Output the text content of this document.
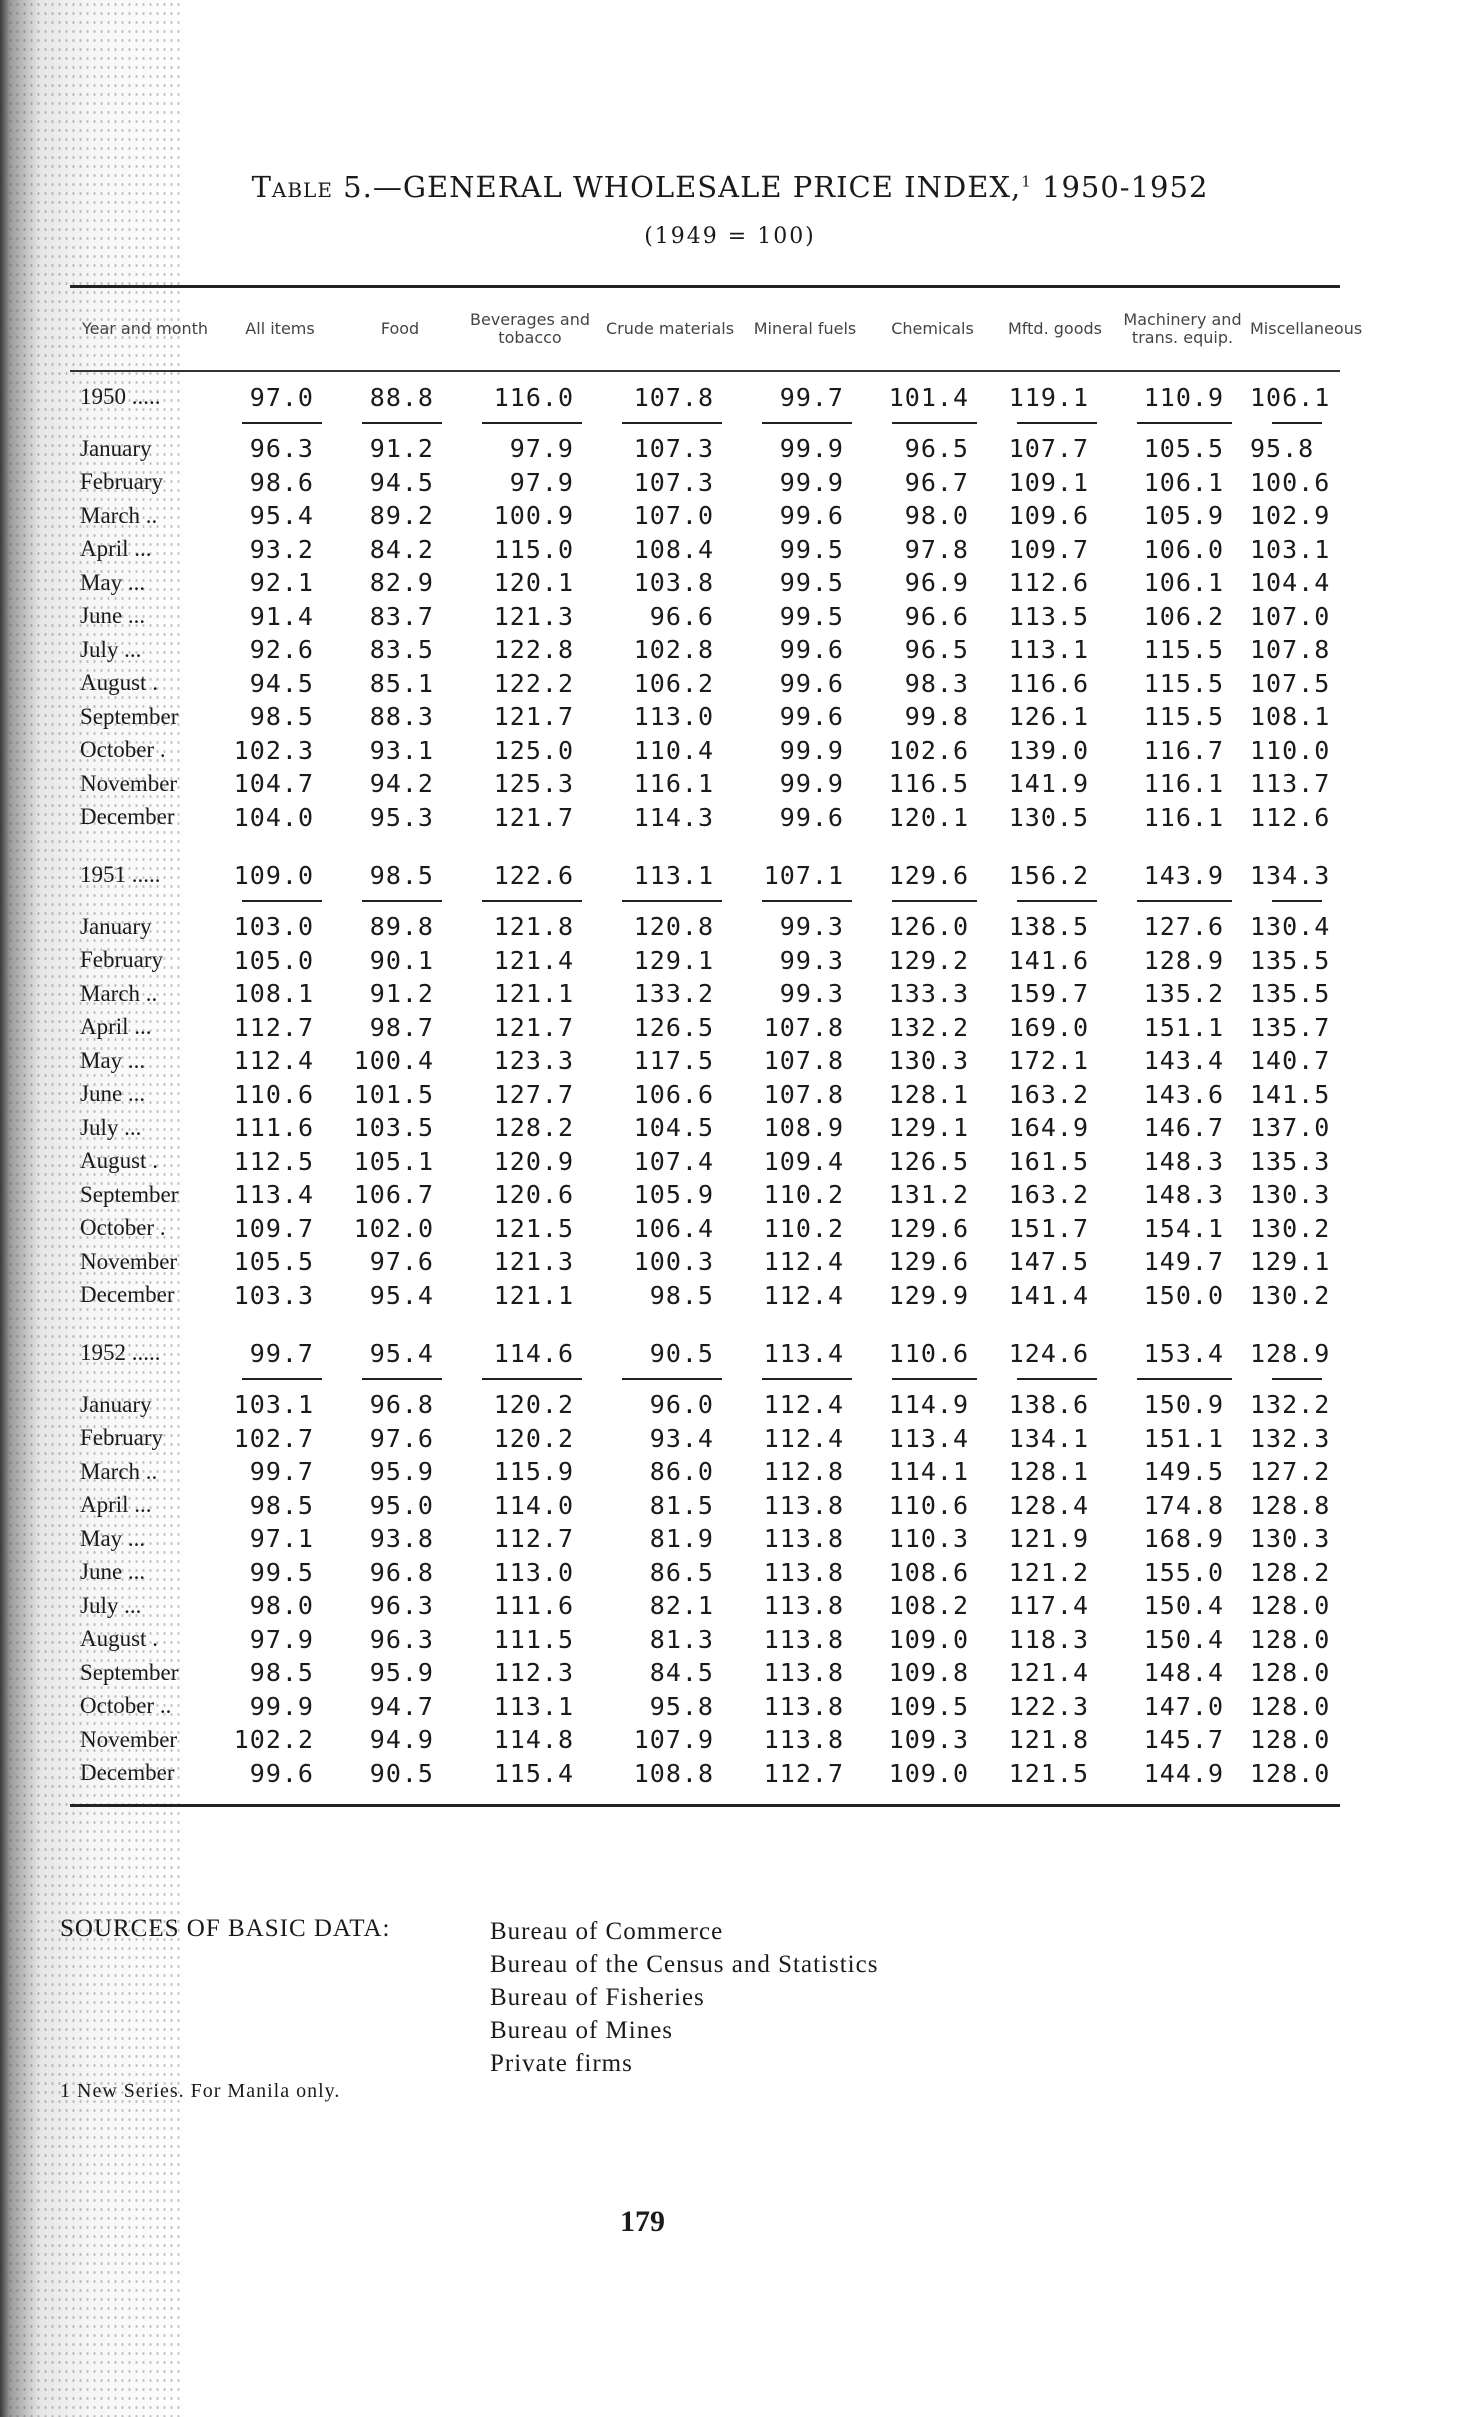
Table 5.—GENERAL WHOLESALE PRICE INDEX,$^1$ 1950-1952
(1949 = 100)
Year and month	All items	Food	Beverages and tobacco	Crude materials	Mineral fuels	Chemicals	Mftd. goods	Machinery and trans. equip.	Miscellaneous
1950 .....	97.0	88.8	116.0	107.8	99.7	101.4	119.1	110.9	106.1
January	96.3	91.2	97.9	107.3	99.9	96.5	107.7	105.5	95.8
February	98.6	94.5	97.9	107.3	99.9	96.7	109.1	106.1	100.6
March ..	95.4	89.2	100.9	107.0	99.6	98.0	109.6	105.9	102.9
April ...	93.2	84.2	115.0	108.4	99.5	97.8	109.7	106.0	103.1
May ...	92.1	82.9	120.1	103.8	99.5	96.9	112.6	106.1	104.4
June ...	91.4	83.7	121.3	96.6	99.5	96.6	113.5	106.2	107.0
July ...	92.6	83.5	122.8	102.8	99.6	96.5	113.1	115.5	107.8
August .	94.5	85.1	122.2	106.2	99.6	98.3	116.6	115.5	107.5
September	98.5	88.3	121.7	113.0	99.6	99.8	126.1	115.5	108.1
October .	102.3	93.1	125.0	110.4	99.9	102.6	139.0	116.7	110.0
November	104.7	94.2	125.3	116.1	99.9	116.5	141.9	116.1	113.7
December	104.0	95.3	121.7	114.3	99.6	120.1	130.5	116.1	112.6
1951 .....	109.0	98.5	122.6	113.1	107.1	129.6	156.2	143.9	134.3
January	103.0	89.8	121.8	120.8	99.3	126.0	138.5	127.6	130.4
February	105.0	90.1	121.4	129.1	99.3	129.2	141.6	128.9	135.5
March ..	108.1	91.2	121.1	133.2	99.3	133.3	159.7	135.2	135.5
April ...	112.7	98.7	121.7	126.5	107.8	132.2	169.0	151.1	135.7
May ...	112.4	100.4	123.3	117.5	107.8	130.3	172.1	143.4	140.7
June ...	110.6	101.5	127.7	106.6	107.8	128.1	163.2	143.6	141.5
July ...	111.6	103.5	128.2	104.5	108.9	129.1	164.9	146.7	137.0
August .	112.5	105.1	120.9	107.4	109.4	126.5	161.5	148.3	135.3
September	113.4	106.7	120.6	105.9	110.2	131.2	163.2	148.3	130.3
October .	109.7	102.0	121.5	106.4	110.2	129.6	151.7	154.1	130.2
November	105.5	97.6	121.3	100.3	112.4	129.6	147.5	149.7	129.1
December	103.3	95.4	121.1	98.5	112.4	129.9	141.4	150.0	130.2
1952 .....	99.7	95.4	114.6	90.5	113.4	110.6	124.6	153.4	128.9
January	103.1	96.8	120.2	96.0	112.4	114.9	138.6	150.9	132.2
February	102.7	97.6	120.2	93.4	112.4	113.4	134.1	151.1	132.3
March ..	99.7	95.9	115.9	86.0	112.8	114.1	128.1	149.5	127.2
April ...	98.5	95.0	114.0	81.5	113.8	110.6	128.4	174.8	128.8
May ...	97.1	93.8	112.7	81.9	113.8	110.3	121.9	168.9	130.3
June ...	99.5	96.8	113.0	86.5	113.8	108.6	121.2	155.0	128.2
July ...	98.0	96.3	111.6	82.1	113.8	108.2	117.4	150.4	128.0
August .	97.9	96.3	111.5	81.3	113.8	109.0	118.3	150.4	128.0
September	98.5	95.9	112.3	84.5	113.8	109.8	121.4	148.4	128.0
October ..	99.9	94.7	113.1	95.8	113.8	109.5	122.3	147.0	128.0
November	102.2	94.9	114.8	107.9	113.8	109.3	121.8	145.7	128.0
December	99.6	90.5	115.4	108.8	112.7	109.0	121.5	144.9	128.0
SOURCES OF BASIC DATA:	Bureau of Commerce
Bureau of the Census and Statistics
Bureau of Fisheries
Bureau of Mines
Private firms
1 New Series. For Manila only.
179
